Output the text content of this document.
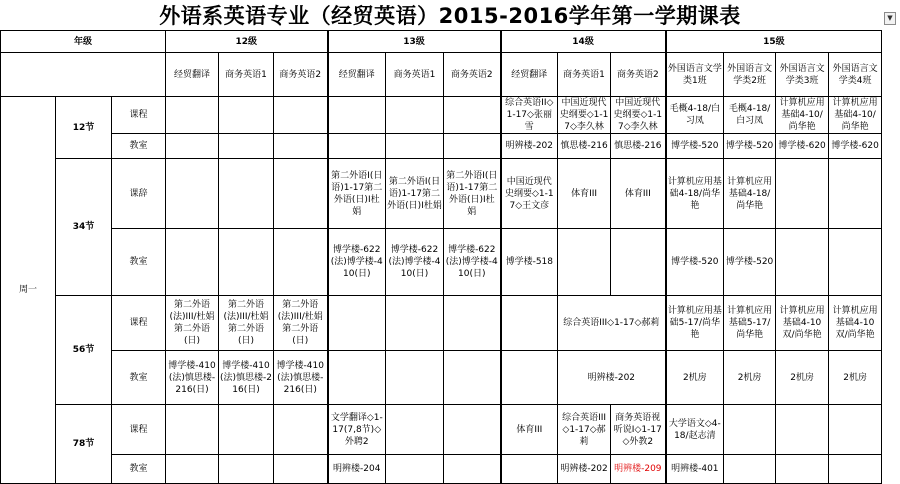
外语系英语专业（经贸英语）2015-2016学年第一学期课表	▼
年级			12级			13级			14级			15级			
			经贸翻译	商务英语1	商务英语2	经贸翻译	商务英语1	商务英语2	经贸翻译	商务英语1	商务英语2	外国语言文学类1班	外国语言文学类2班	外国语言文学类3班	外国语言文学类4班
周一	12节	课程							综合英语II◇1-17◇张丽雪	中国近现代史纲要◇1-17◇李久林	中国近现代史纲要◇1-17◇李久林	毛概4-18/白习凤	毛概4-18/白习凤	计算机应用基础4-10/尚华艳	计算机应用基础4-10/尚华艳
		教室							明辨楼-202	慎思楼-216	慎思楼-216	博学楼-520	博学楼-520	博学楼-620	博学楼-620
	34节	课辞				第二外语I(日语)1-17第二外语(日)I杜娟	第二外语I(日语)1-17第二外语(日)I杜娟	第二外语I(日语)1-17第二外语(日)I杜娟	中国近现代史纲要◇1-17◇王文彦	体育III	体育III	计算机应用基础4-18/尚华艳	计算机应用基础4-18/尚华艳		
		教室				博学楼-622(法)博学楼-410(日)	博学楼-622(法)博学楼-410(日)	博学楼-622(法)博学楼-410(日)	博学楼-518			博学楼-520	博学楼-520		
	56节	课程	第二外语(法)III/杜娟第二外语(日)	第二外语(法)III/杜娟第二外语(日)	第二外语(法)III/杜娟第二外语(日)					综合英语III◇1-17◇郝莉		计算机应用基础5-17/尚华艳	计算机应用基础5-17/尚华艳	计算机应用基础4-10双/尚华艳	计算机应用基础4-10双/尚华艳
		教室	博学楼-410(法)慎思楼-216(日)	博学楼-410(法)慎思楼-216(日)	博学楼-410(法)慎思楼-216(日)					明辨楼-202		2机房	2机房	2机房	2机房
	78节	课程				文学翻译◇1-17(7,8节)◇外聘2			体育III	综合英语III◇1-17◇郝莉	商务英语视听说I◇1-17◇外教2	大学语文◇4-18/赵志清			
		教室				明辨楼-204				明辨楼-202	明辨楼-209	明辨楼-401			
